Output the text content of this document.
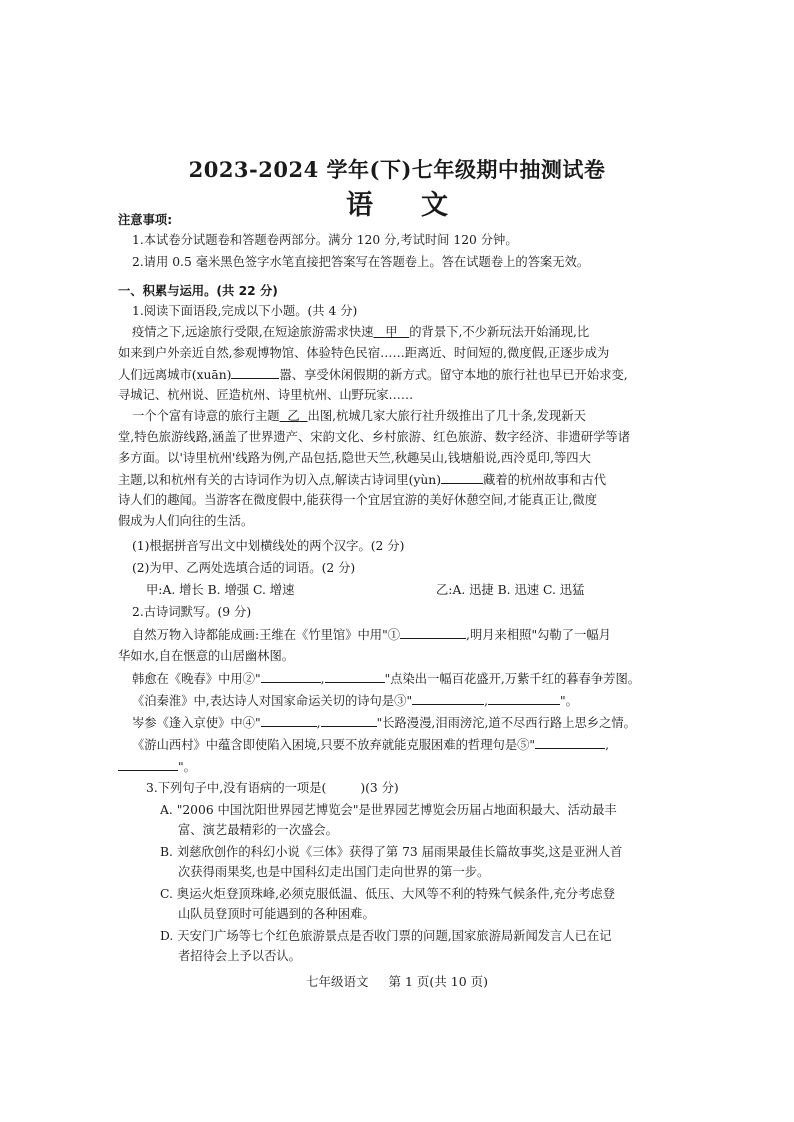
2023-2024 学年(下)七年级期中抽测试卷
语 文
注意事项:
1.本试卷分试题卷和答题卷两部分。满分 120 分,考试时间 120 分钟。
2.请用 0.5 毫米黑色签字水笔直接把答案写在答题卷上。答在试题卷上的答案无效。
一、积累与运用。(共 22 分)
1.阅读下面语段,完成以下小题。(共 4 分)
疫情之下,远途旅行受限,在短途旅游需求快速 甲 的背景下,不少新玩法开始涌现,比
如来到户外亲近自然,参观博物馆、体验特色民宿……距离近、时间短的,微度假,正逐步成为
人们远离城市(xuān)	嚣、享受休闲假期的新方式。留守本地的旅行社也早已开始求变,
寻城记、杭州说、匠造杭州、诗里杭州、山野玩家……
一个个富有诗意的旅行主题 乙 出图,杭城几家大旅行社升级推出了几十条,发现新天
堂,特色旅游线路,涵盖了世界遗产、宋韵文化、乡村旅游、红色旅游、数字经济、非遗研学等诸
多方面。以'诗里杭州'线路为例,产品包括,隐世天竺,秋趣吴山,钱塘船说,西泠觅印,等四大
主题,以和杭州有关的古诗词作为切入点,解读古诗词里(yùn)	藏着的杭州故事和古代
诗人们的趣闻。当游客在微度假中,能获得一个宜居宜游的美好休憩空间,才能真正让,微度
假成为人们向往的生活。
(1)根据拼音写出文中划横线处的两个汉字。(2 分)
(2)为甲、乙两处选填合适的词语。(2 分)
甲:A. 增长 B. 增强 C. 增速	乙:A. 迅捷 B. 迅速 C. 迅猛
2.古诗词默写。(9 分)
自然万物入诗都能成画:王维在《竹里馆》中用"①	,明月来相照"勾勒了一幅月
华如水,自在惬意的山居幽林图。
韩愈在《晚春》中用②"	,	"点染出一幅百花盛开,万紫千红的暮春争芳图。
《泊秦淮》中,表达诗人对国家命运关切的诗句是③"	,	"。
岑参《逢入京使》中④"	,	"长路漫漫,泪雨滂沱,道不尽西行路上思乡之情。
《游山西村》中蕴含即使陷入困境,只要不放弃就能克服困难的哲理句是⑤"	,
"。
3.下列句子中,没有语病的一项是(	)(3 分)
A. "2006 中国沈阳世界园艺博览会"是世界园艺博览会历届占地面积最大、活动最丰
富、演艺最精彩的一次盛会。
B. 刘慈欣创作的科幻小说《三体》获得了第 73 届雨果最佳长篇故事奖,这是亚洲人首
次获得雨果奖,也是中国科幻走出国门走向世界的第一步。
C. 奥运火炬登顶珠峰,必须克服低温、低压、大风等不利的特殊气候条件,充分考虑登
山队员登顶时可能遇到的各种困难。
D. 天安门广场等七个红色旅游景点是否收门票的问题,国家旅游局新闻发言人已在记
者招待会上予以否认。
七年级语文 第 1 页(共 10 页)
